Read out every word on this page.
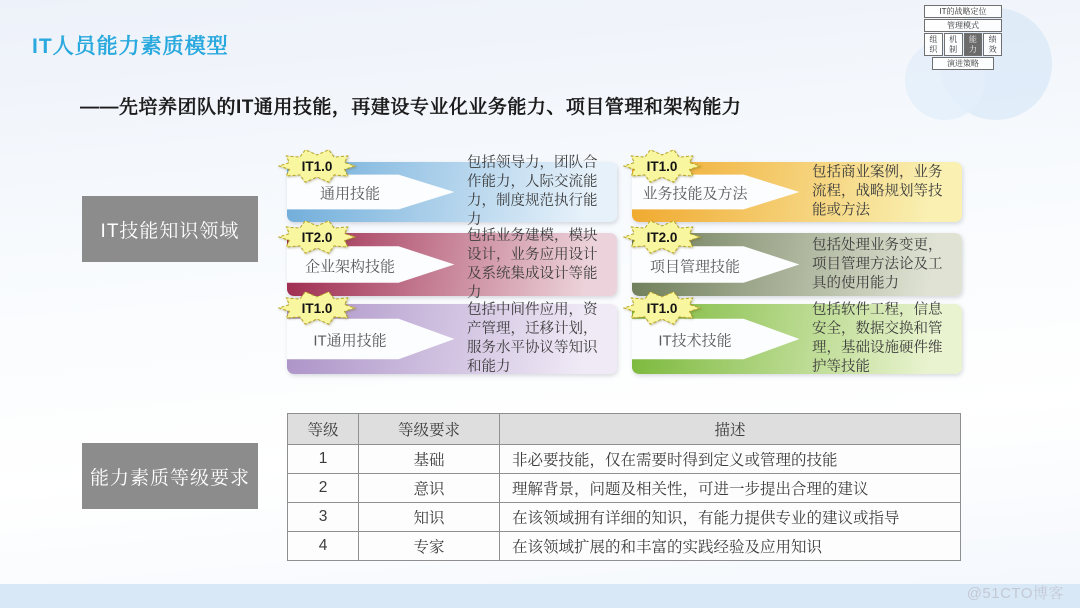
IT人员能力素质模型
——先培养团队的IT通用技能，再建设专业化业务能力、项目管理和架构能力
IT的战略定位
管理模式
组织
机制
能力
绩效
演进策略
IT技能知识领域
能力素质等级要求
IT1.0
通用技能
包括领导力，团队合作能力，人际交流能力，制度规范执行能力
IT1.0
业务技能及方法
包括商业案例，业务流程，战略规划等技能或方法
IT2.0
企业架构技能
包括业务建模，模块设计，业务应用设计及系统集成设计等能力
IT2.0
项目管理技能
包括处理业务变更，项目管理方法论及工具的使用能力
IT1.0
IT通用技能
包括中间件应用，资产管理，迁移计划，服务水平协议等知识和能力
IT1.0
IT技术技能
包括软件工程，信息安全，数据交换和管理，基础设施硬件维护等技能
等级	等级要求	描述
1	基础	非必要技能，仅在需要时得到定义或管理的技能
2	意识	理解背景，问题及相关性，可进一步提出合理的建议
3	知识	在该领域拥有详细的知识，有能力提供专业的建议或指导
4	专家	在该领域扩展的和丰富的实践经验及应用知识
@51CTO博客
